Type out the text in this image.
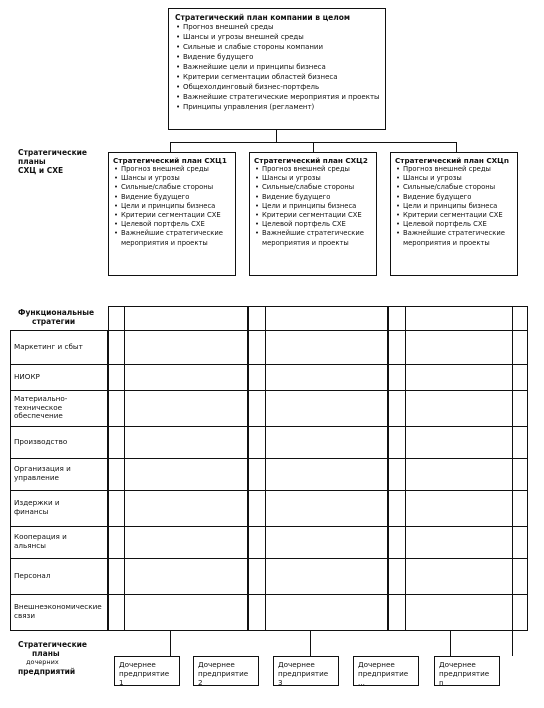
Стратегический план компании в целом
• Прогноз внешней среды
• Шансы и угрозы внешней среды
• Сильные и слабые стороны компании
• Видение будущего
• Важнейшие цели и принципы бизнеса
• Критерии сегментации областей бизнеса
• Общехолдинговый бизнес-портфель
• Важнейшие стратегические мероприятия и проекты
• Принципы управления (регламент)
Стратегические
планы
СХЦ и СХЕ
Стратегический план СХЦ1
• Прогноз внешней среды
• Шансы и угрозы
• Сильные/слабые стороны
• Видение будущего
• Цели и принципы бизнеса
• Критерии сегментации СХЕ
• Целевой портфель СХЕ
• Важнейшие стратегические мероприятия и проекты
Стратегический план СХЦ2
• Прогноз внешней среды
• Шансы и угрозы
• Сильные/слабые стороны
• Видение будущего
• Цели и принципы бизнеса
• Критерии сегментации СХЕ
• Целевой портфель СХЕ
• Важнейшие стратегические мероприятия и проекты
Стратегический план СХЦn
• Прогноз внешней среды
• Шансы и угрозы
• Сильные/слабые стороны
• Видение будущего
• Цели и принципы бизнеса
• Критерии сегментации СХЕ
• Целевой портфель СХЕ
• Важнейшие стратегические мероприятия и проекты
Функциональные
стратегии
Маркетинг и сбыт
НИОКР
Материально-техническое обеспечение
Производство
Организация и управление
Издержки и финансы
Кооперация и альянсы
Персонал
Внешнеэкономические связи
Стратегические
планы
дочерних
предприятий
Дочернее предприятие 1
Дочернее предприятие 2
Дочернее предприятие 3
Дочернее предприятие ...
Дочернее предприятие n
